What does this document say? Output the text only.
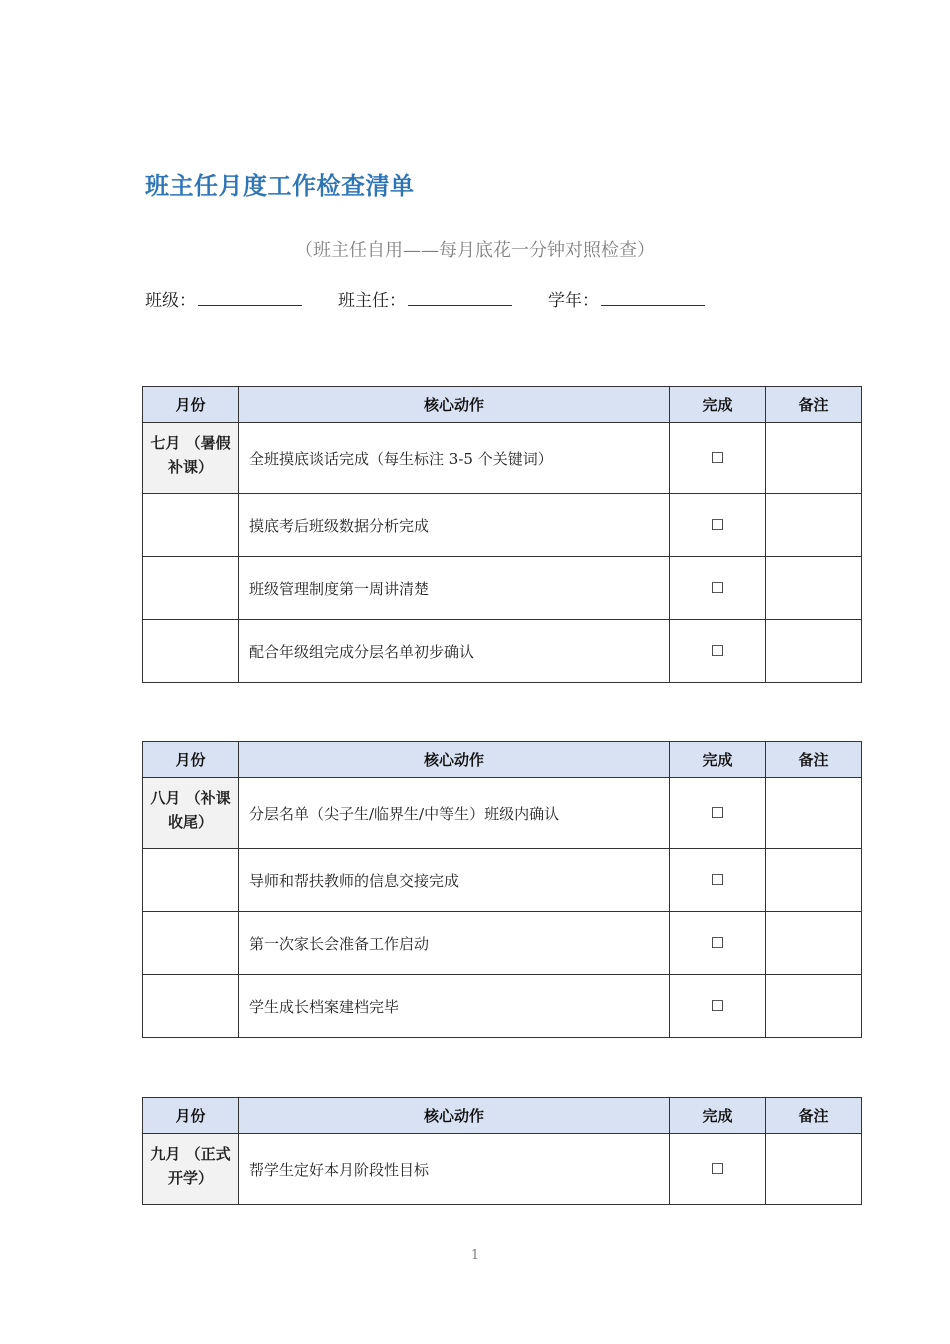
班主任月度工作检查清单
（班主任自用——每月底花一分钟对照检查）
班级：	班主任：	学年：
月份	核心动作	完成	备注
七月 （暑假补课）	全班摸底谈话完成（每生标注 3-5 个关键词）	☐	
	摸底考后班级数据分析完成	☐	
	班级管理制度第一周讲清楚	☐	
	配合年级组完成分层名单初步确认	☐	
月份	核心动作	完成	备注
八月 （补课收尾）	分层名单（尖子生/临界生/中等生）班级内确认	☐	
	导师和帮扶教师的信息交接完成	☐	
	第一次家长会准备工作启动	☐	
	学生成长档案建档完毕	☐	
月份	核心动作	完成	备注
九月 （正式开学）	帮学生定好本月阶段性目标	☐	
1
